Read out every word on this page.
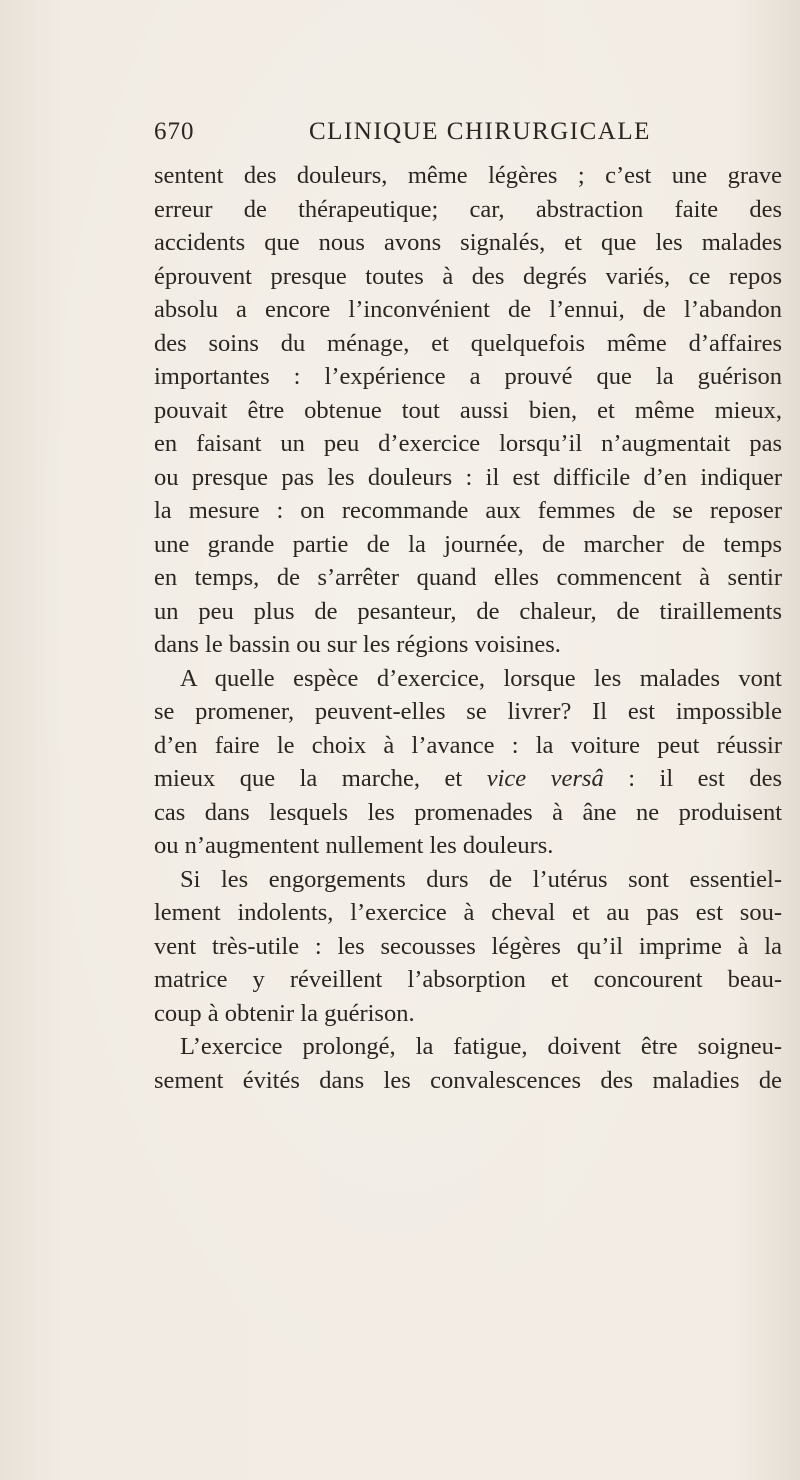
670	CLINIQUE CHIRURGICALE
sentent des douleurs, même légères ; c’est une grave
erreur de thérapeutique; car, abstraction faite des
accidents que nous avons signalés, et que les malades
éprouvent presque toutes à des degrés variés, ce repos
absolu a encore l’inconvénient de l’ennui, de l’abandon
des soins du ménage, et quelquefois même d’affaires
importantes : l’expérience a prouvé que la guérison
pouvait être obtenue tout aussi bien, et même mieux,
en faisant un peu d’exercice lorsqu’il n’augmentait pas
ou presque pas les douleurs : il est difficile d’en indiquer
la mesure : on recommande aux femmes de se reposer
une grande partie de la journée, de marcher de temps
en temps, de s’arrêter quand elles commencent à sentir
un peu plus de pesanteur, de chaleur, de tiraillements
dans le bassin ou sur les régions voisines.
A quelle espèce d’exercice, lorsque les malades vont
se promener, peuvent-elles se livrer? Il est impossible
d’en faire le choix à l’avance : la voiture peut réussir
mieux que la marche, et vice versâ : il est des
cas dans lesquels les promenades à âne ne produisent
ou n’augmentent nullement les douleurs.
Si les engorgements durs de l’utérus sont essentiel-
lement indolents, l’exercice à cheval et au pas est sou-
vent très-utile : les secousses légères qu’il imprime à la
matrice y réveillent l’absorption et concourent beau-
coup à obtenir la guérison.
L’exercice prolongé, la fatigue, doivent être soigneu-
sement évités dans les convalescences des maladies de
